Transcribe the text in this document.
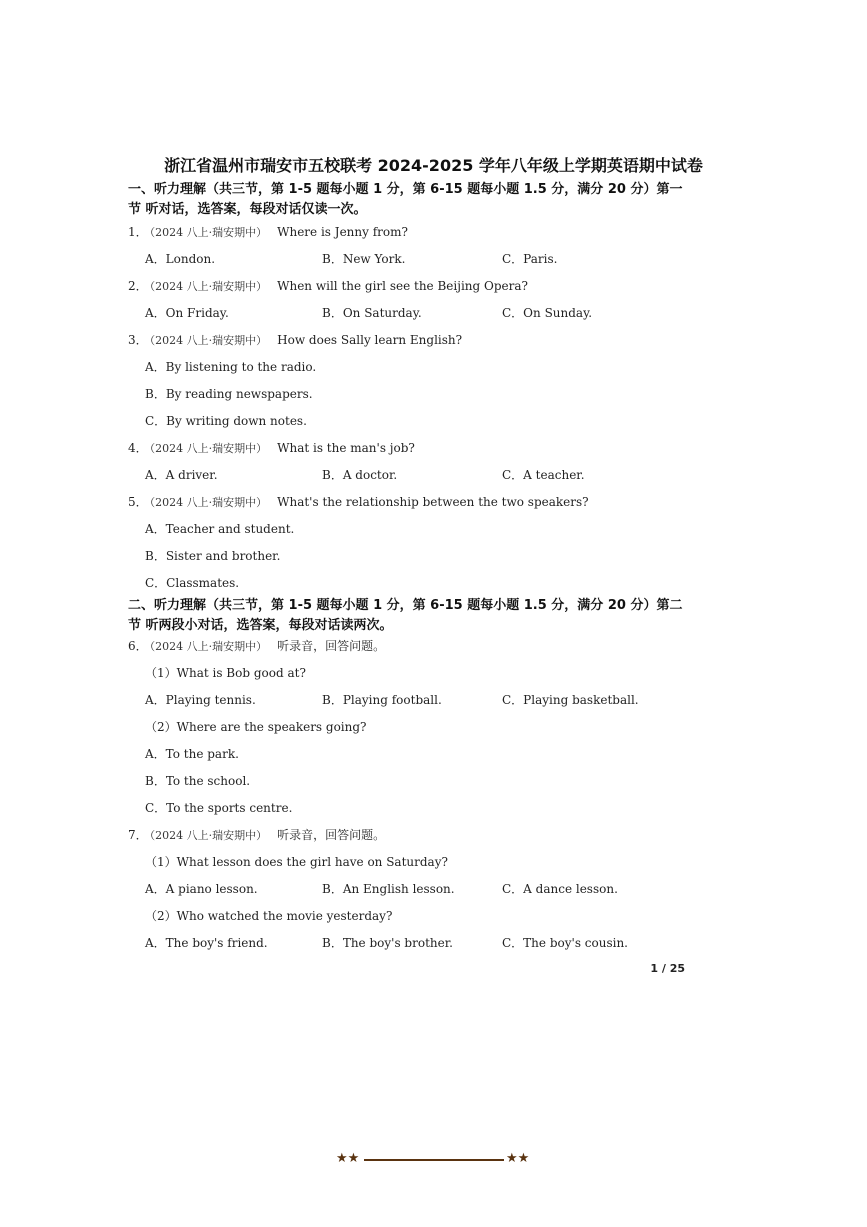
浙江省温州市瑞安市五校联考 2024-2025 学年八年级上学期英语期中试卷
一、听力理解（共三节，第 1-5 题每小题 1 分，第 6-15 题每小题 1.5 分，满分 20 分）第一
节 听对话，选答案，每段对话仅读一次。
1． （2024 八上·瑞安期中） Where is Jenny from?
A．London.	B．New York.	C．Paris.
2． （2024 八上·瑞安期中） When will the girl see the Beijing Opera?
A．On Friday.	B．On Saturday.	C．On Sunday.
3． （2024 八上·瑞安期中） How does Sally learn English?
A．By listening to the radio.
B．By reading newspapers.
C．By writing down notes.
4． （2024 八上·瑞安期中） What is the man's job?
A．A driver.	B．A doctor.	C．A teacher.
5． （2024 八上·瑞安期中） What's the relationship between the two speakers?
A．Teacher and student.
B．Sister and brother.
C．Classmates.
二、听力理解（共三节，第 1-5 题每小题 1 分，第 6-15 题每小题 1.5 分，满分 20 分）第二
节 听两段小对话，选答案，每段对话读两次。
6． （2024 八上·瑞安期中） 听录音，回答问题。
（1）What is Bob good at?
A．Playing tennis.	B．Playing football.	C．Playing basketball.
（2）Where are the speakers going?
A．To the park.
B．To the school.
C．To the sports centre.
7． （2024 八上·瑞安期中） 听录音，回答问题。
（1）What lesson does the girl have on Saturday?
A．A piano lesson.	B．An English lesson.	C．A dance lesson.
（2）Who watched the movie yesterday?
A．The boy's friend.	B．The boy's brother.	C．The boy's cousin.
1 / 25
★★	★★
